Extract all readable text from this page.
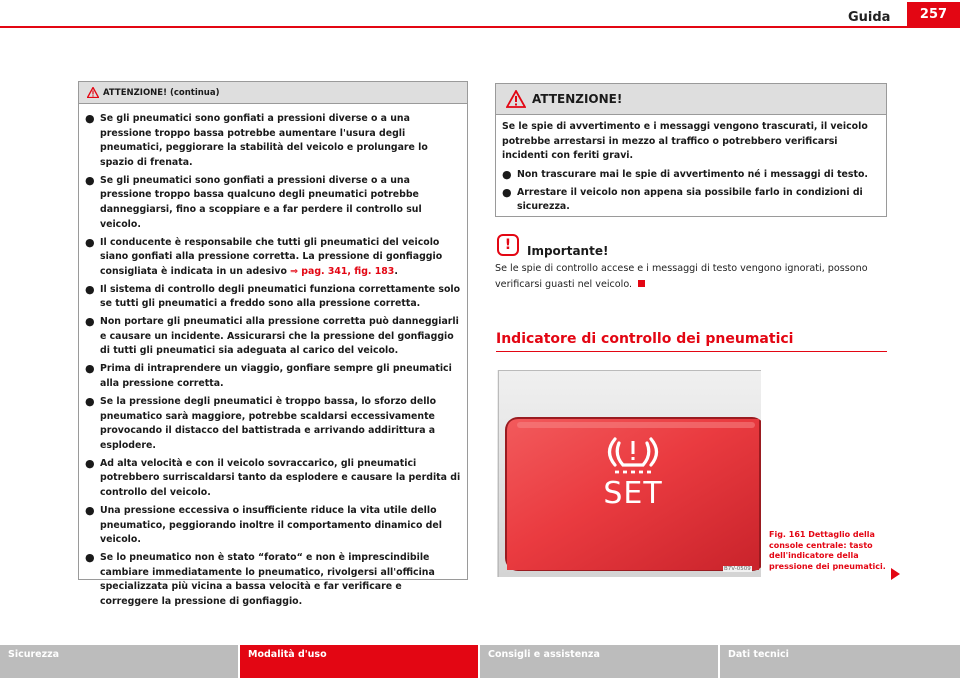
Guida	257
ATTENZIONE! (continua)
● Se gli pneumatici sono gonfiati a pressioni diverse o a una pressione troppo bassa potrebbe aumentare l'usura degli pneumatici, peggiorare la stabilità del veicolo e prolungare lo spazio di frenata.
● Se gli pneumatici sono gonfiati a pressioni diverse o a una pressione troppo bassa qualcuno degli pneumatici potrebbe danneggiarsi, fino a scoppiare e a far perdere il controllo sul veicolo.
● Il conducente è responsabile che tutti gli pneumatici del veicolo siano gonfiati alla pressione corretta. La pressione di gonfiaggio consigliata è indicata in un adesivo ⇒ pag. 341, fig. 183.
● Il sistema di controllo degli pneumatici funziona correttamente solo se tutti gli pneumatici a freddo sono alla pressione corretta.
● Non portare gli pneumatici alla pressione corretta può danneggiarli e causare un incidente. Assicurarsi che la pressione del gonfiaggio di tutti gli pneumatici sia adeguata al carico del veicolo.
● Prima di intraprendere un viaggio, gonfiare sempre gli pneumatici alla pressione corretta.
● Se la pressione degli pneumatici è troppo bassa, lo sforzo dello pneumatico sarà maggiore, potrebbe scaldarsi eccessivamente provocando il distacco del battistrada e arrivando addirittura a esplodere.
● Ad alta velocità e con il veicolo sovraccarico, gli pneumatici potrebbero surriscaldarsi tanto da esplodere e causare la perdita di controllo del veicolo.
● Una pressione eccessiva o insufficiente riduce la vita utile dello pneumatico, peggiorando inoltre il comportamento dinamico del veicolo.
● Se lo pneumatico non è stato “forato“ e non è imprescindibile cambiare immediatamente lo pneumatico, rivolgersi all'officina specializzata più vicina a bassa velocità e far verificare e correggere la pressione di gonfiaggio.
ATTENZIONE!
Se le spie di avvertimento e i messaggi vengono trascurati, il veicolo potrebbe arrestarsi in mezzo al traffico o potrebbero verificarsi incidenti con feriti gravi.
● Non trascurare mai le spie di avvertimento né i messaggi di testo.
● Arrestare il veicolo non appena sia possibile farlo in condizioni di sicurezza.
!	Importante!
Se le spie di controllo accese e i messaggi di testo vengono ignorati, possono verificarsi guasti nel veicolo.
Indicatore di controllo dei pneumatici
SET
B7V-0509
Fig. 161 Dettaglio della console centrale: tasto dell'indicatore della pressione dei pneumatici.
Sicurezza	Modalità d'uso	Consigli e assistenza	Dati tecnici
